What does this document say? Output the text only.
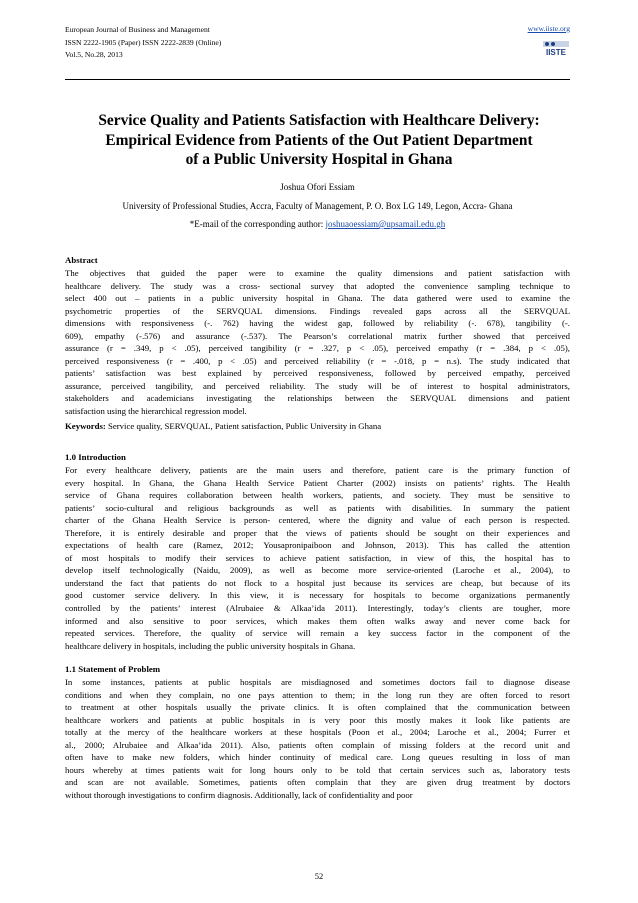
European Journal of Business and Management
ISSN 2222-1905 (Paper) ISSN 2222-2839 (Online)
Vol.5, No.28, 2013
www.iiste.org
IISTE
Service Quality and Patients Satisfaction with Healthcare Delivery:
Empirical Evidence from Patients of the Out Patient Department
of a Public University Hospital in Ghana
Joshua Ofori Essiam
University of Professional Studies, Accra, Faculty of Management, P. O. Box LG 149, Legon, Accra- Ghana
*E-mail of the corresponding author: joshuaoessiam@upsamail.edu.gh
Abstract
The objectives that guided the paper were to examine the quality dimensions and patient satisfaction with
healthcare delivery. The study was a cross- sectional survey that adopted the convenience sampling technique to
select 400 out – patients in a public university hospital in Ghana. The data gathered were used to examine the
psychometric properties of the SERVQUAL dimensions. Findings revealed gaps across all the SERVQUAL
dimensions with responsiveness (-. 762) having the widest gap, followed by reliability (-. 678), tangibility (-.
609), empathy (-.576) and assurance (-.537). The Pearson’s correlational matrix further showed that perceived
assurance (r = .349, p < .05), perceived tangibility (r = .327, p < .05), perceived empathy (r = .384, p < .05),
perceived responsiveness (r = .400, p < .05) and perceived reliability (r = -.018, p = n.s). The study indicated that
patients’ satisfaction was best explained by perceived responsiveness, followed by perceived empathy, perceived
assurance, perceived tangibility, and perceived reliability. The study will be of interest to hospital administrators,
stakeholders and academicians investigating the relationships between the SERVQUAL dimensions and patient
satisfaction using the hierarchical regression model.
Keywords: Service quality, SERVQUAL, Patient satisfaction, Public University in Ghana
1.0 Introduction
For every healthcare delivery, patients are the main users and therefore, patient care is the primary function of
every hospital. In Ghana, the Ghana Health Service Patient Charter (2002) insists on patients’ rights. The Health
service of Ghana requires collaboration between health workers, patients, and society. They must be sensitive to
patients’ socio-cultural and religious backgrounds as well as patients with disabilities. In summary the patient
charter of the Ghana Health Service is person- centered, where the dignity and value of each person is respected.
Therefore, it is entirely desirable and proper that the views of patients should be sought on their experiences and
expectations of health care (Ramez, 2012; Yousapronipaiboon and Johnson, 2013). This has called the attention
of most hospitals to modify their services to achieve patient satisfaction, in view of this, the hospital has to
develop itself technologically (Naidu, 2009), as well as become more service-oriented (Laroche et al., 2004), to
understand the fact that patients do not flock to a hospital just because its services are cheap, but because of its
good customer service delivery. In this view, it is necessary for hospitals to become organizations permanently
controlled by the patients’ interest (Alrubaiee & Alkaa’ida 2011). Interestingly, today’s clients are tougher, more
informed and also sensitive to poor services, which makes them often walks away and never come back for
repeated services. Therefore, the quality of service will remain a key success factor in the component of the
healthcare delivery in hospitals, including the public university hospitals in Ghana.
1.1 Statement of Problem
In some instances, patients at public hospitals are misdiagnosed and sometimes doctors fail to diagnose disease
conditions and when they complain, no one pays attention to them; in the long run they are often forced to resort
to treatment at other hospitals usually the private clinics. It is often complained that the communication between
healthcare workers and patients at public hospitals in is very poor this mostly makes it look like patients are
totally at the mercy of the healthcare workers at these hospitals (Poon et al., 2004; Laroche et al., 2004; Furrer et
al., 2000; Alrubaiee and Alkaa’ida 2011). Also, patients often complain of missing folders at the record unit and
often have to make new folders, which hinder continuity of medical care. Long queues resulting in loss of man
hours whereby at times patients wait for long hours only to be told that certain services such as, laboratory tests
and scan are not available. Sometimes, patients often complain that they are given drug treatment by doctors
without thorough investigations to confirm diagnosis. Additionally, lack of confidentiality and poor
52
